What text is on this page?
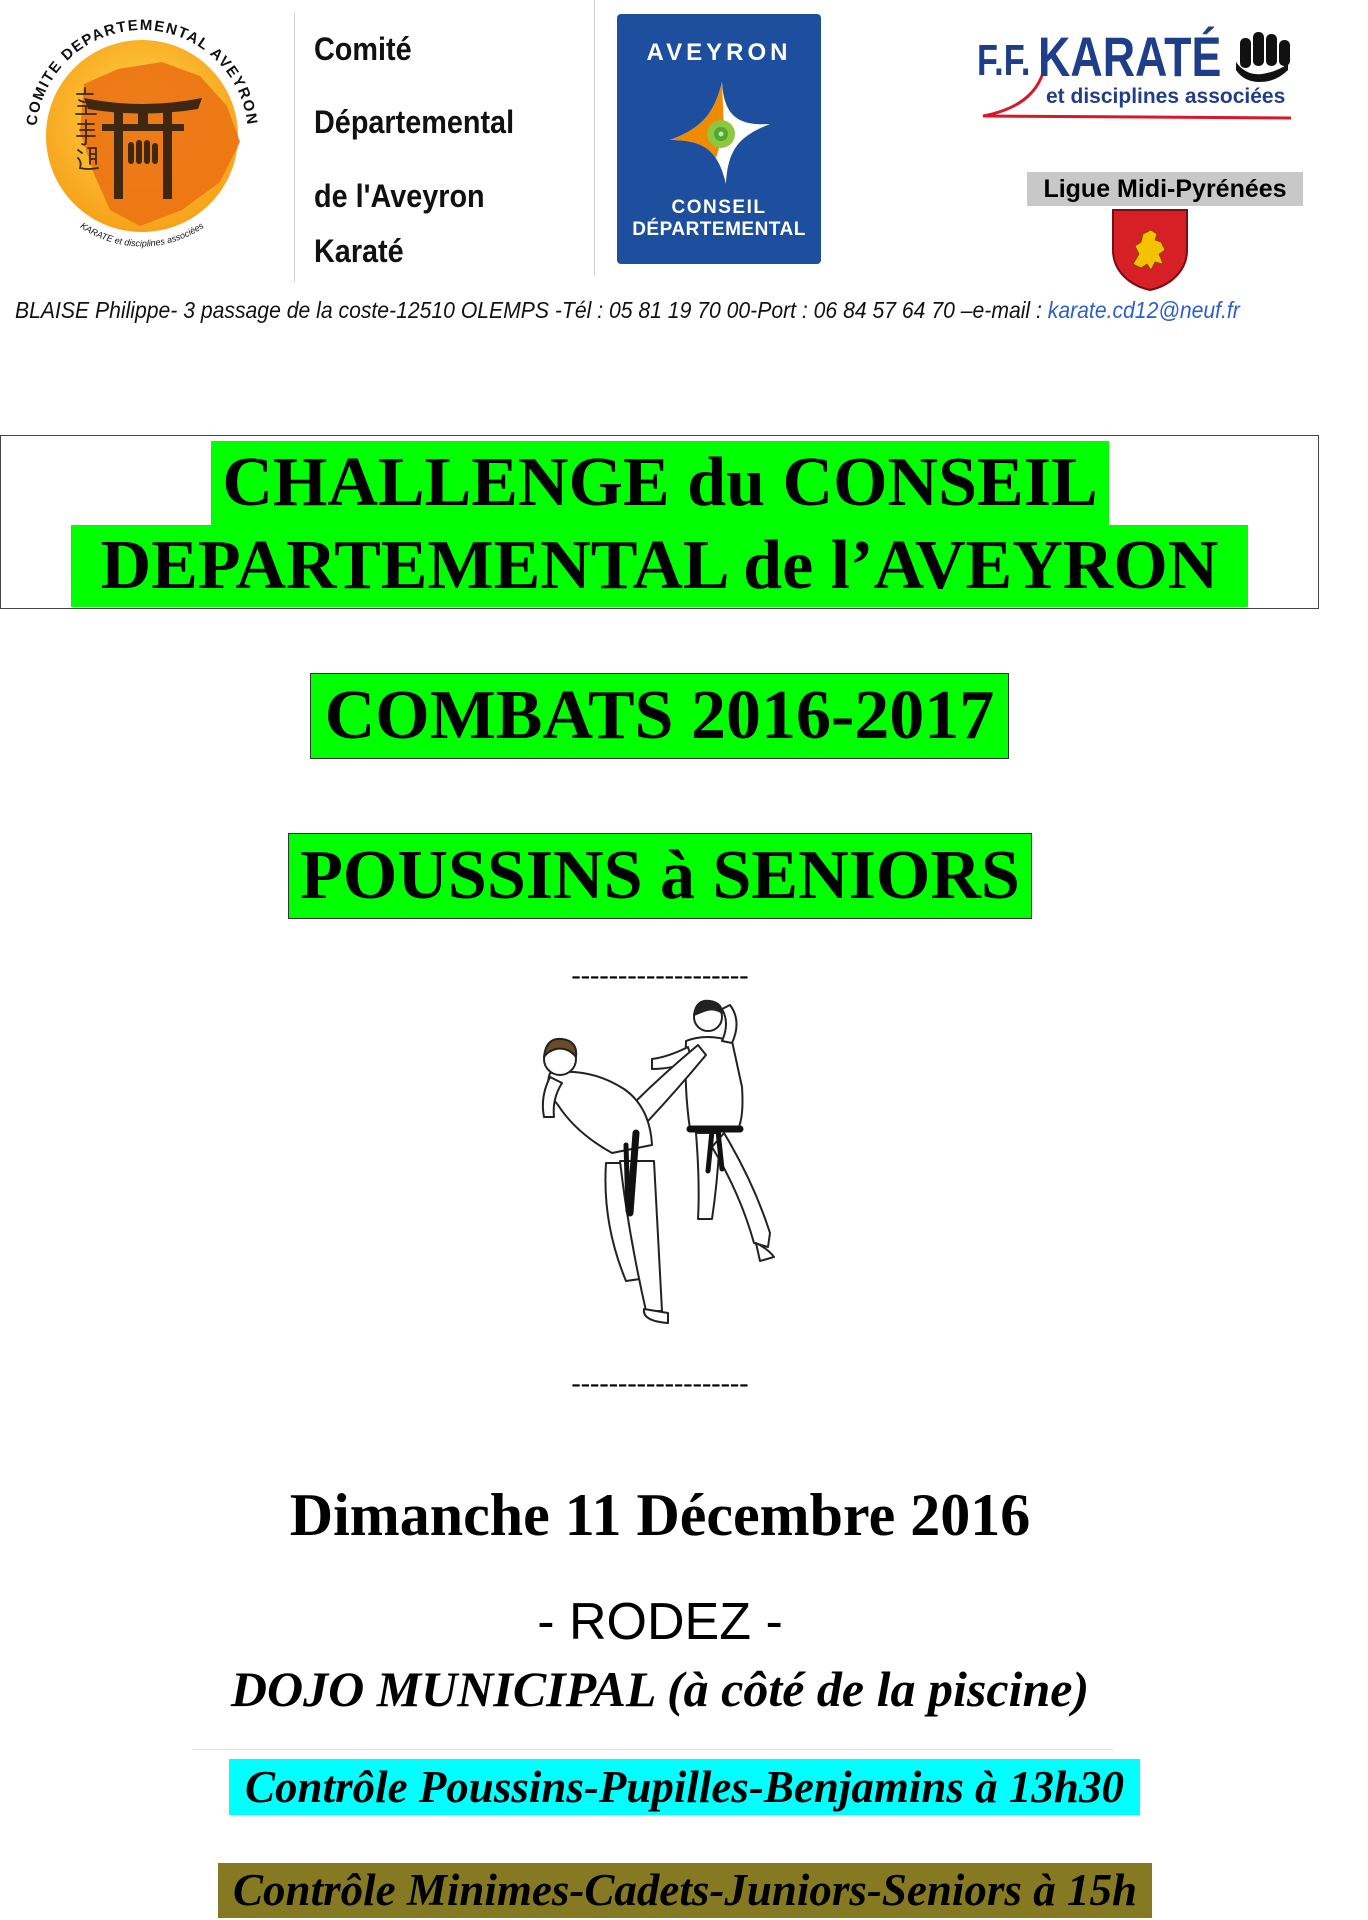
COMITE DEPARTEMENTAL AVEYRON
KARATE et disciplines associées
Comité
Départemental
de l'Aveyron
Karaté
AVEYRON
CONSEIL
DÉPARTEMENTAL
F.F. KARATÉ
et disciplines associées
Ligue Midi-Pyrénées
BLAISE Philippe- 3 passage de la coste-12510 OLEMPS -Tél : 05 81 19 70 00-Port : 06 84 57 64 70 –e-mail : karate.cd12@neuf.fr
CHALLENGE du CONSEIL
DEPARTEMENTAL de l’AVEYRON
COMBATS 2016-2017
POUSSINS à SENIORS
-------------------
-------------------
Dimanche 11 Décembre 2016
- RODEZ -
DOJO MUNICIPAL (à côté de la piscine)
Contrôle Poussins-Pupilles-Benjamins à 13h30
Contrôle Minimes-Cadets-Juniors-Seniors à 15h
